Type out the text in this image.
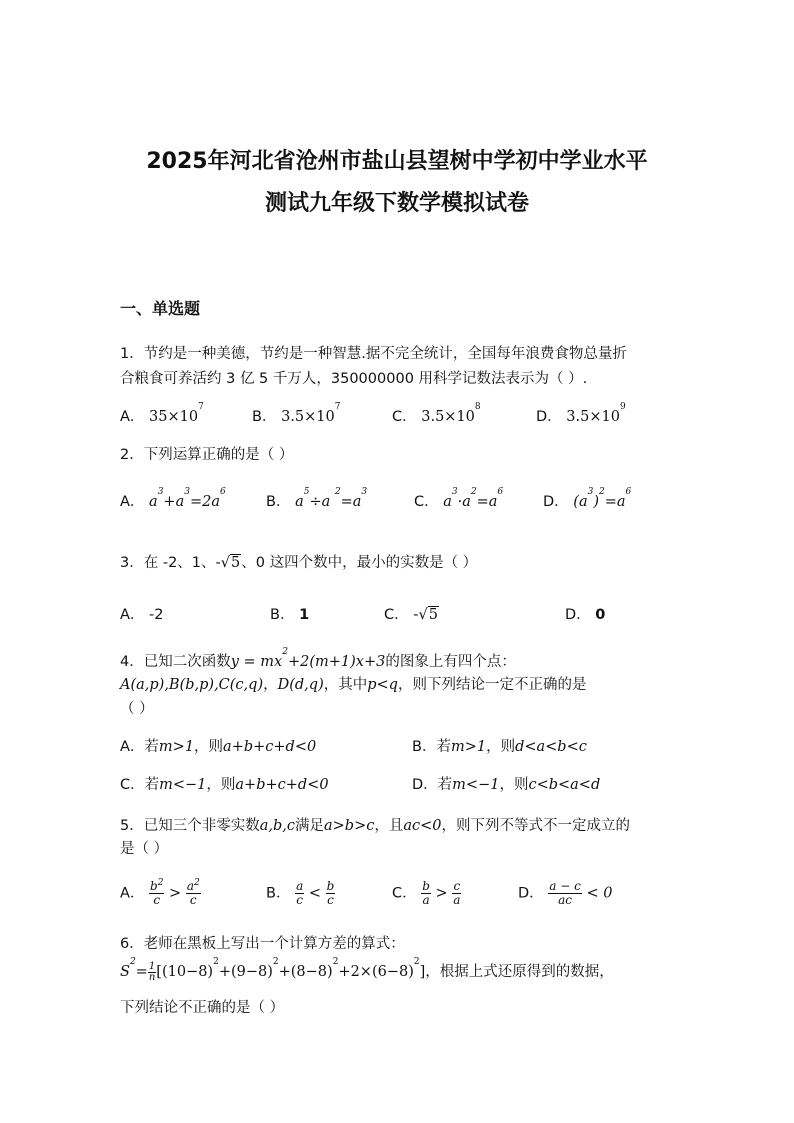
2025年河北省沧州市盐山县望树中学初中学业水平
测试九年级下数学模拟试卷
一、单选题
1．节约是一种美德，节约是一种智慧.据不完全统计，全国每年浪费食物总量折
合粮食可养活约 3 亿 5 千万人，350000000 用科学记数法表示为（ ）.
A． $35\times 10^7$
B． $3.5\times 10^7$
C． $3.5\times 10^8$
D． $3.5\times 10^9$
2．下列运算正确的是（ ）
A． $a^3+a^3=2a^6$
B． $a^5\div a$ $^2=a^3$
C． $a^3\cdot a^2=a^6$
D． $(a^3)^2=a^6$
3．在 -2、1、-√5、0 这四个数中，最小的实数是（ ）
A． -2	B． 1	C． -√5	D． 0
4．已知二次函数$y = mx^2+2(m+1)x+3$的图象上有四个点：
A(a,p),B(b,p),C(c,q)，D(d,q)，其中p<q，则下列结论一定不正确的是
（ ）
A．若m>1，则a+b+c+d<0	B．若m>1，则d<a<b<c
C．若m<−1，则a+b+c+d<0	D．若m<−1，则c<b<a<d
5．已知三个非零实数a,b,c满足a>b>c，且ac<0，则下列不等式不一定成立的
是（ ）
A． $\frac{b^2}{c} > \frac{a^2}{c}$	B． $\frac{a}{c} < \frac{b}{c}$	C． $\frac{b}{a} > \frac{c}{a}$	D． $\frac{a - c}{ac} < 0$
6．老师在黑板上写出一个计算方差的算式：
$S^2= \frac{1}{n} [(10-8)^2+(9-8)^2+(8-8)^2+2\times(6-8)^2]$，根据上式还原得到的数据，
下列结论不正确的是（ ）
